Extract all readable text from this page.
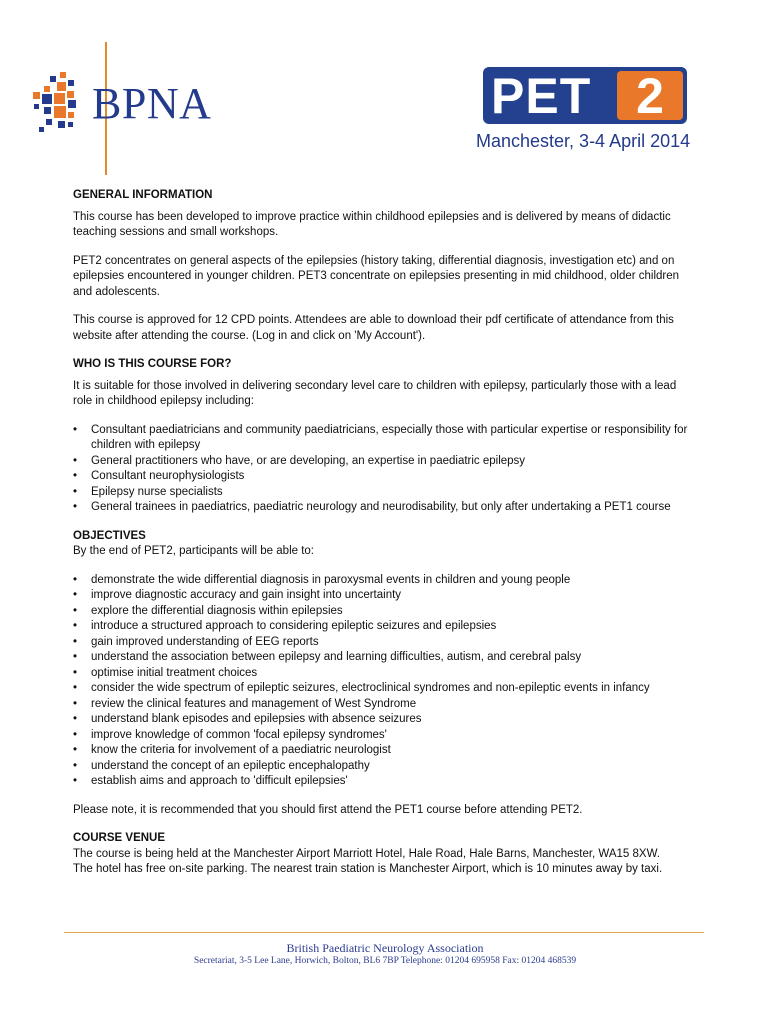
BPNA	PET 2
Manchester, 3-4 April 2014
GENERAL INFORMATION

This course has been developed to improve practice within childhood epilepsies and is delivered by means of didactic teaching sessions and small workshops.

PET2 concentrates on general aspects of the epilepsies (history taking, differential diagnosis, investigation etc) and on epilepsies encountered in younger children. PET3 concentrate on epilepsies presenting in mid childhood, older children and adolescents.

This course is approved for 12 CPD points. Attendees are able to download their pdf certificate of attendance from this website after attending the course. (Log in and click on 'My Account').

WHO IS THIS COURSE FOR?

It is suitable for those involved in delivering secondary level care to children with epilepsy, particularly those with a lead role in childhood epilepsy including:

• Consultant paediatricians and community paediatricians, especially those with particular expertise or responsibility for children with epilepsy
• General practitioners who have, or are developing, an expertise in paediatric epilepsy
• Consultant neurophysiologists
• Epilepsy nurse specialists
• General trainees in paediatrics, paediatric neurology and neurodisability, but only after undertaking a PET1 course
OBJECTIVES

By the end of PET2, participants will be able to:

• demonstrate the wide differential diagnosis in paroxysmal events in children and young people
• improve diagnostic accuracy and gain insight into uncertainty
• explore the differential diagnosis within epilepsies
• introduce a structured approach to considering epileptic seizures and epilepsies
• gain improved understanding of EEG reports
• understand the association between epilepsy and learning difficulties, autism, and cerebral palsy
• optimise initial treatment choices
• consider the wide spectrum of epileptic seizures, electroclinical syndromes and non-epileptic events in infancy
• review the clinical features and management of West Syndrome
• understand blank episodes and epilepsies with absence seizures
• improve knowledge of common 'focal epilepsy syndromes'
• know the criteria for involvement of a paediatric neurologist
• understand the concept of an epileptic encephalopathy
• establish aims and approach to 'difficult epilepsies'

Please note, it is recommended that you should first attend the PET1 course before attending PET2.

COURSE VENUE

The course is being held at the Manchester Airport Marriott Hotel, Hale Road, Hale Barns, Manchester, WA15 8XW.

The hotel has free on-site parking. The nearest train station is Manchester Airport, which is 10 minutes away by taxi.

British Paediatric Neurology Association
Secretariat, 3-5 Lee Lane, Horwich, Bolton, BL6 7BP Telephone: 01204 695958 Fax: 01204 468539
